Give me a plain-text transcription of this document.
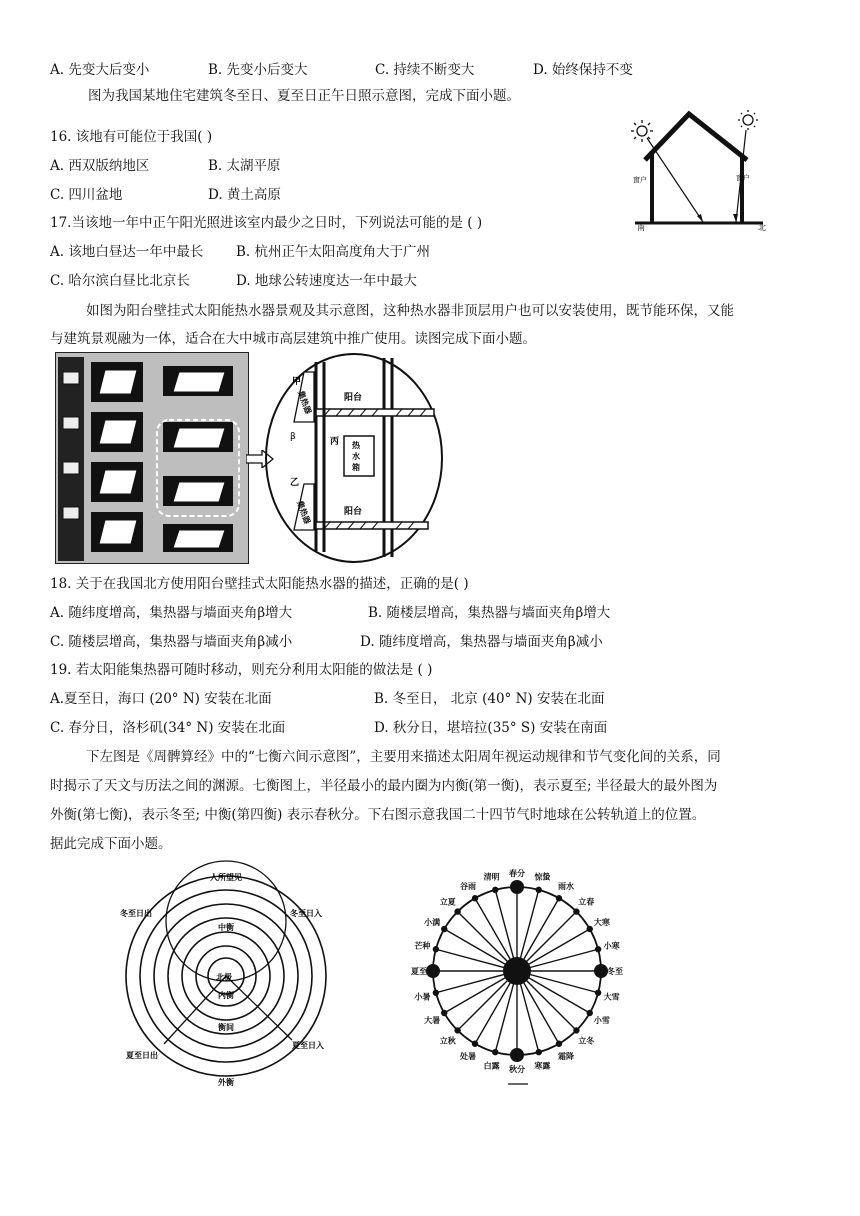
A. 先变大后变小	B. 先变小后变大	C. 持续不断变大	D. 始终保持不变
图为我国某地住宅建筑冬至日、夏至日正午日照示意图，完成下面小题。
窗户	窗户
南	北
16. 该地有可能位于我国( )
A. 西双版纳地区	B. 太湖平原
C. 四川盆地	D. 黄土高原
17.当该地一年中正午阳光照进该室内最少之日时，下列说法可能的是 ( )
A. 该地白昼达一年中最长 B. 杭州正午太阳高度角大于广州
C. 哈尔滨白昼比北京长	D. 地球公转速度达一年中最大
如图为阳台壁挂式太阳能热水器景观及其示意图，这种热水器非顶层用户也可以安装使用，既节能环保，又能
与建筑景观融为一体，适合在大中城市高层建筑中推广使用。读图完成下面小题。
甲
乙
β
集热器
集热器
热
水
箱
丙
阳台
阳台
18. 关于在我国北方使用阳台壁挂式太阳能热水器的描述，正确的是( )
A. 随纬度增高，集热器与墙面夹角β增大	B. 随楼层增高，集热器与墙面夹角β增大
C. 随楼层增高，集热器与墙面夹角β减小	D. 随纬度增高，集热器与墙面夹角β减小
19. 若太阳能集热器可随时移动，则充分利用太阳能的做法是 ( )
A.夏至日，海口 (20° N) 安装在北面	B. 冬至日， 北京 (40° N) 安装在北面
C. 春分日，洛杉矶(34° N) 安装在北面	D. 秋分日，堪培拉(35° S) 安装在南面
下左图是《周髀算经》中的“七衡六间示意图”，主要用来描述太阳周年视运动规律和节气变化间的关系，同
时揭示了天文与历法之间的渊源。七衡图上，半径最小的最内圈为内衡(第一衡)，表示夏至; 半径最大的最外图为
外衡(第七衡)，表示冬至; 中衡(第四衡) 表示春秋分。下右图示意我国二十四节气时地球在公转轨道上的位置。
据此完成下面小题。
人所望见
冬至日出	冬至日入
中衡
北极
内衡
衡间
夏至日出
夏至日入
外衡
春分 惊蛰
雨水
立春
大寒
小寒
冬至
大雪
小雪
立冬
霜降
寒露
秋分
白露
处暑
立秋
大暑
小暑
夏至
芒种
小满
立夏
谷雨
清明
